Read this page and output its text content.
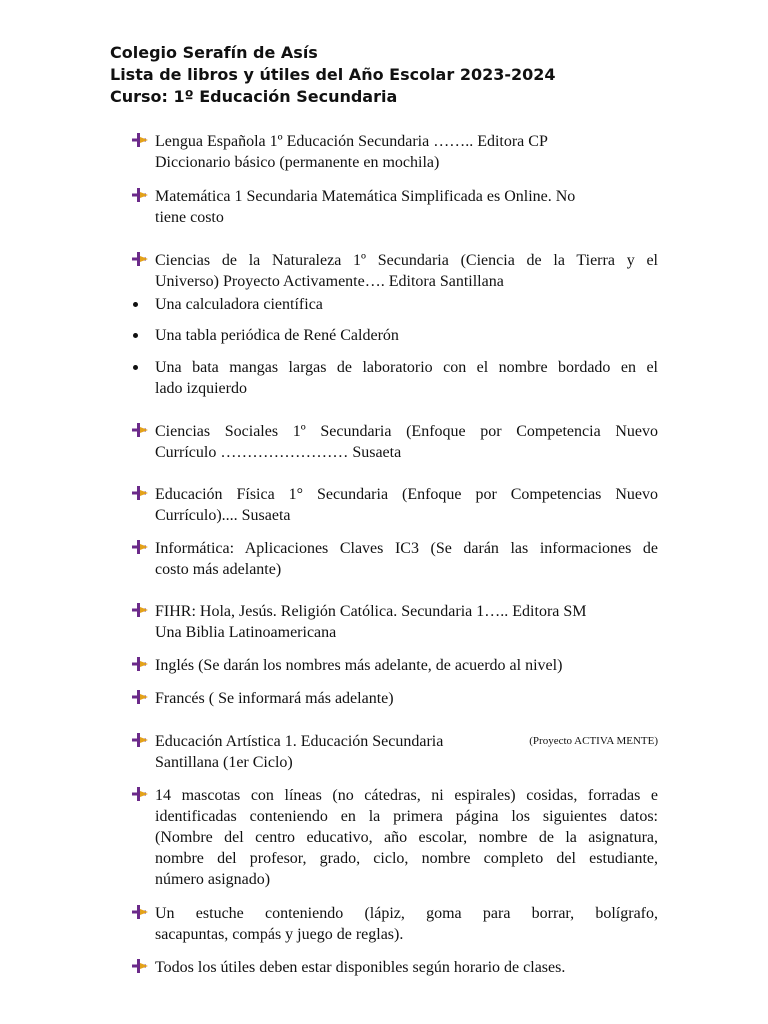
Colegio Serafín de Asís
Lista de libros y útiles del Año Escolar 2023-2024
Curso: 1º Educación Secundaria
Lengua Española 1º Educación Secundaria …….. Editora CP
Diccionario básico (permanente en mochila)
Matemática 1 Secundaria Matemática Simplificada es Online. No
tiene costo
Ciencias de la Naturaleza 1º Secundaria (Ciencia de la Tierra y el
Universo) Proyecto Activamente…. Editora Santillana
Una calculadora científica
Una tabla periódica de René Calderón
Una bata mangas largas de laboratorio con el nombre bordado en el
lado izquierdo
Ciencias Sociales 1º Secundaria (Enfoque por Competencia Nuevo
Currículo …………………… Susaeta
Educación Física 1° Secundaria (Enfoque por Competencias Nuevo
Currículo).... Susaeta
Informática: Aplicaciones Claves IC3 (Se darán las informaciones de
costo más adelante)
FIHR: Hola, Jesús. Religión Católica. Secundaria 1….. Editora SM
Una Biblia Latinoamericana
Inglés (Se darán los nombres más adelante, de acuerdo al nivel)
Francés ( Se informará más adelante)
Educación Artística 1. Educación Secundaria	(Proyecto ACTIVA MENTE)
Santillana (1er Ciclo)
14 mascotas con líneas (no cátedras, ni espirales) cosidas, forradas e
identificadas conteniendo en la primera página los siguientes datos:
(Nombre del centro educativo, año escolar, nombre de la asignatura,
nombre del profesor, grado, ciclo, nombre completo del estudiante,
número asignado)
Un estuche conteniendo (lápiz, goma para borrar, bolígrafo,
sacapuntas, compás y juego de reglas).
Todos los útiles deben estar disponibles según horario de clases.
